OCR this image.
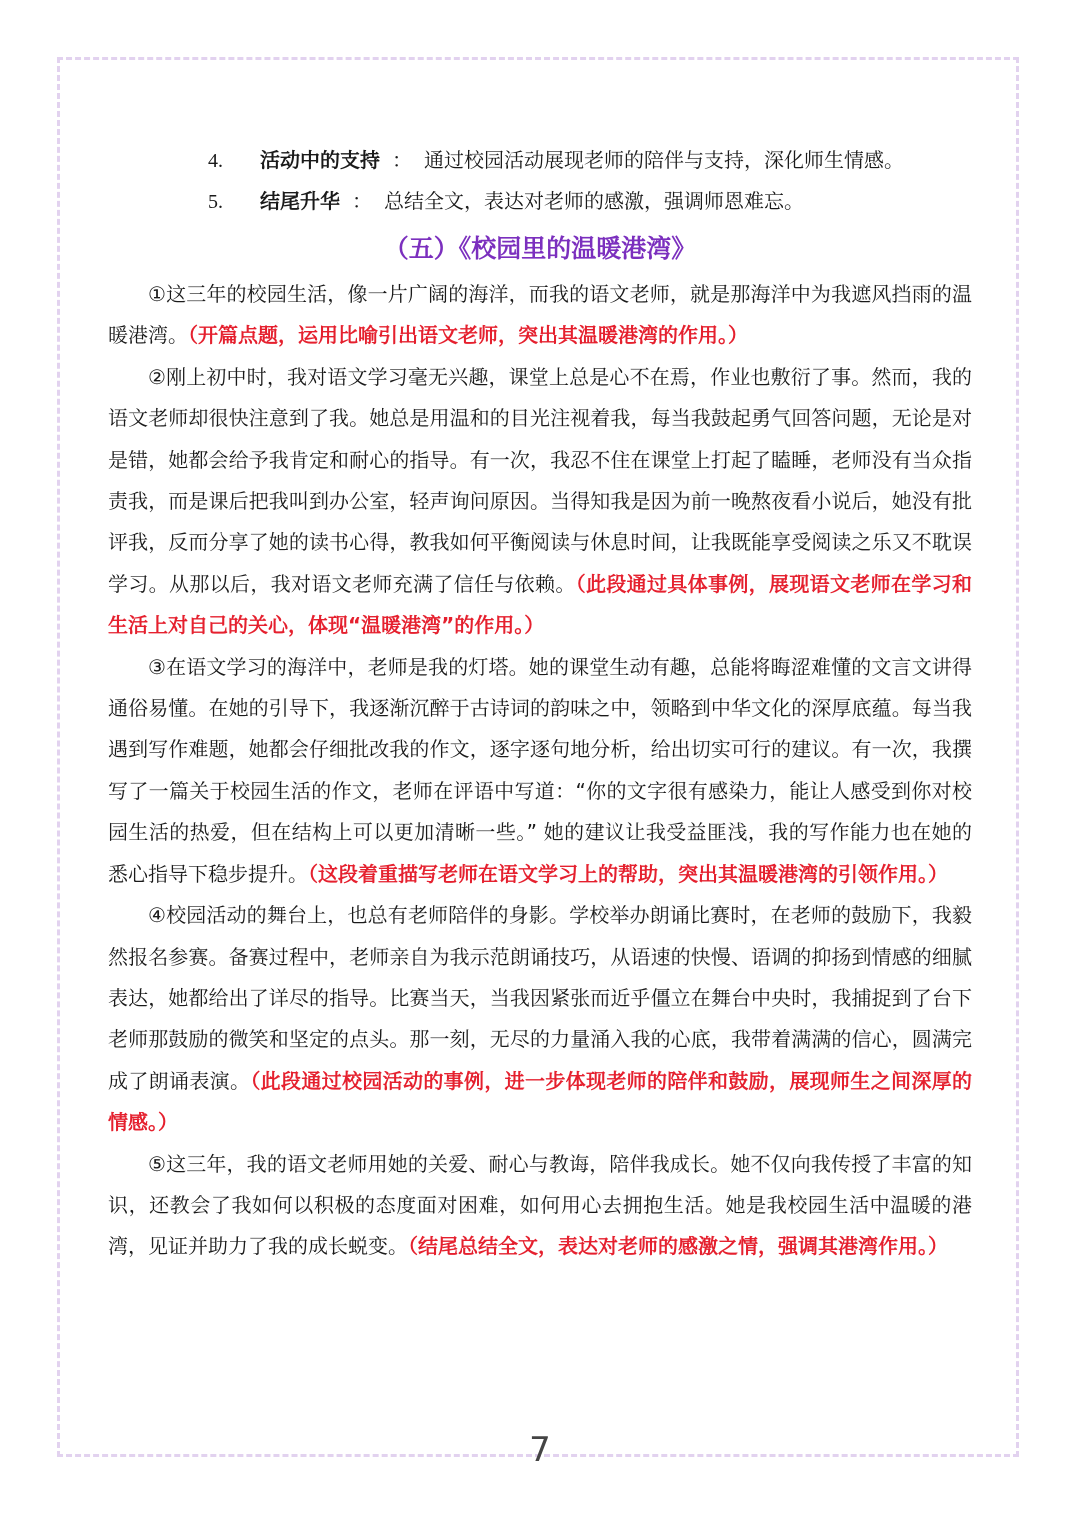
4.	活动中的支持 ： 通过校园活动展现老师的陪伴与支持，深化师生情感。
5.	结尾升华 ： 总结全文，表达对老师的感激，强调师恩难忘。
（五）《校园里的温暖港湾》

①这三年的校园生活，像一片广阔的海洋，而我的语文老师，就是那海洋中为我遮风挡雨的温暖港湾。（开篇点题，运用比喻引出语文老师，突出其温暖港湾的作用。）

②刚上初中时，我对语文学习毫无兴趣，课堂上总是心不在焉，作业也敷衍了事。然而，我的语文老师却很快注意到了我。她总是用温和的目光注视着我，每当我鼓起勇气回答问题，无论是对是错，她都会给予我肯定和耐心的指导。有一次，我忍不住在课堂上打起了瞌睡，老师没有当众指责我，而是课后把我叫到办公室，轻声询问原因。当得知我是因为前一晚熬夜看小说后，她没有批评我，反而分享了她的读书心得，教我如何平衡阅读与休息时间，让我既能享受阅读之乐又不耽误学习。从那以后，我对语文老师充满了信任与依赖。（此段通过具体事例，展现语文老师在学习和生活上对自己的关心，体现“温暖港湾”的作用。）

③在语文学习的海洋中，老师是我的灯塔。她的课堂生动有趣，总能将晦涩难懂的文言文讲得通俗易懂。在她的引导下，我逐渐沉醉于古诗词的韵味之中，领略到中华文化的深厚底蕴。每当我遇到写作难题，她都会仔细批改我的作文，逐字逐句地分析，给出切实可行的建议。有一次，我撰写了一篇关于校园生活的作文，老师在评语中写道：“你的文字很有感染力，能让人感受到你对校园生活的热爱，但在结构上可以更加清晰一些。” 她的建议让我受益匪浅，我的写作能力也在她的悉心指导下稳步提升。（这段着重描写老师在语文学习上的帮助，突出其温暖港湾的引领作用。）

④校园活动的舞台上，也总有老师陪伴的身影。学校举办朗诵比赛时，在老师的鼓励下，我毅然报名参赛。备赛过程中，老师亲自为我示范朗诵技巧，从语速的快慢、语调的抑扬到情感的细腻表达，她都给出了详尽的指导。比赛当天，当我因紧张而近乎僵立在舞台中央时，我捕捉到了台下老师那鼓励的微笑和坚定的点头。那一刻，无尽的力量涌入我的心底，我带着满满的信心，圆满完成了朗诵表演。（此段通过校园活动的事例，进一步体现老师的陪伴和鼓励，展现师生之间深厚的情感。）

⑤这三年，我的语文老师用她的关爱、耐心与教诲，陪伴我成长。她不仅向我传授了丰富的知识，还教会了我如何以积极的态度面对困难，如何用心去拥抱生活。她是我校园生活中温暖的港湾，见证并助力了我的成长蜕变。（结尾总结全文，表达对老师的感激之情，强调其港湾作用。）

7
